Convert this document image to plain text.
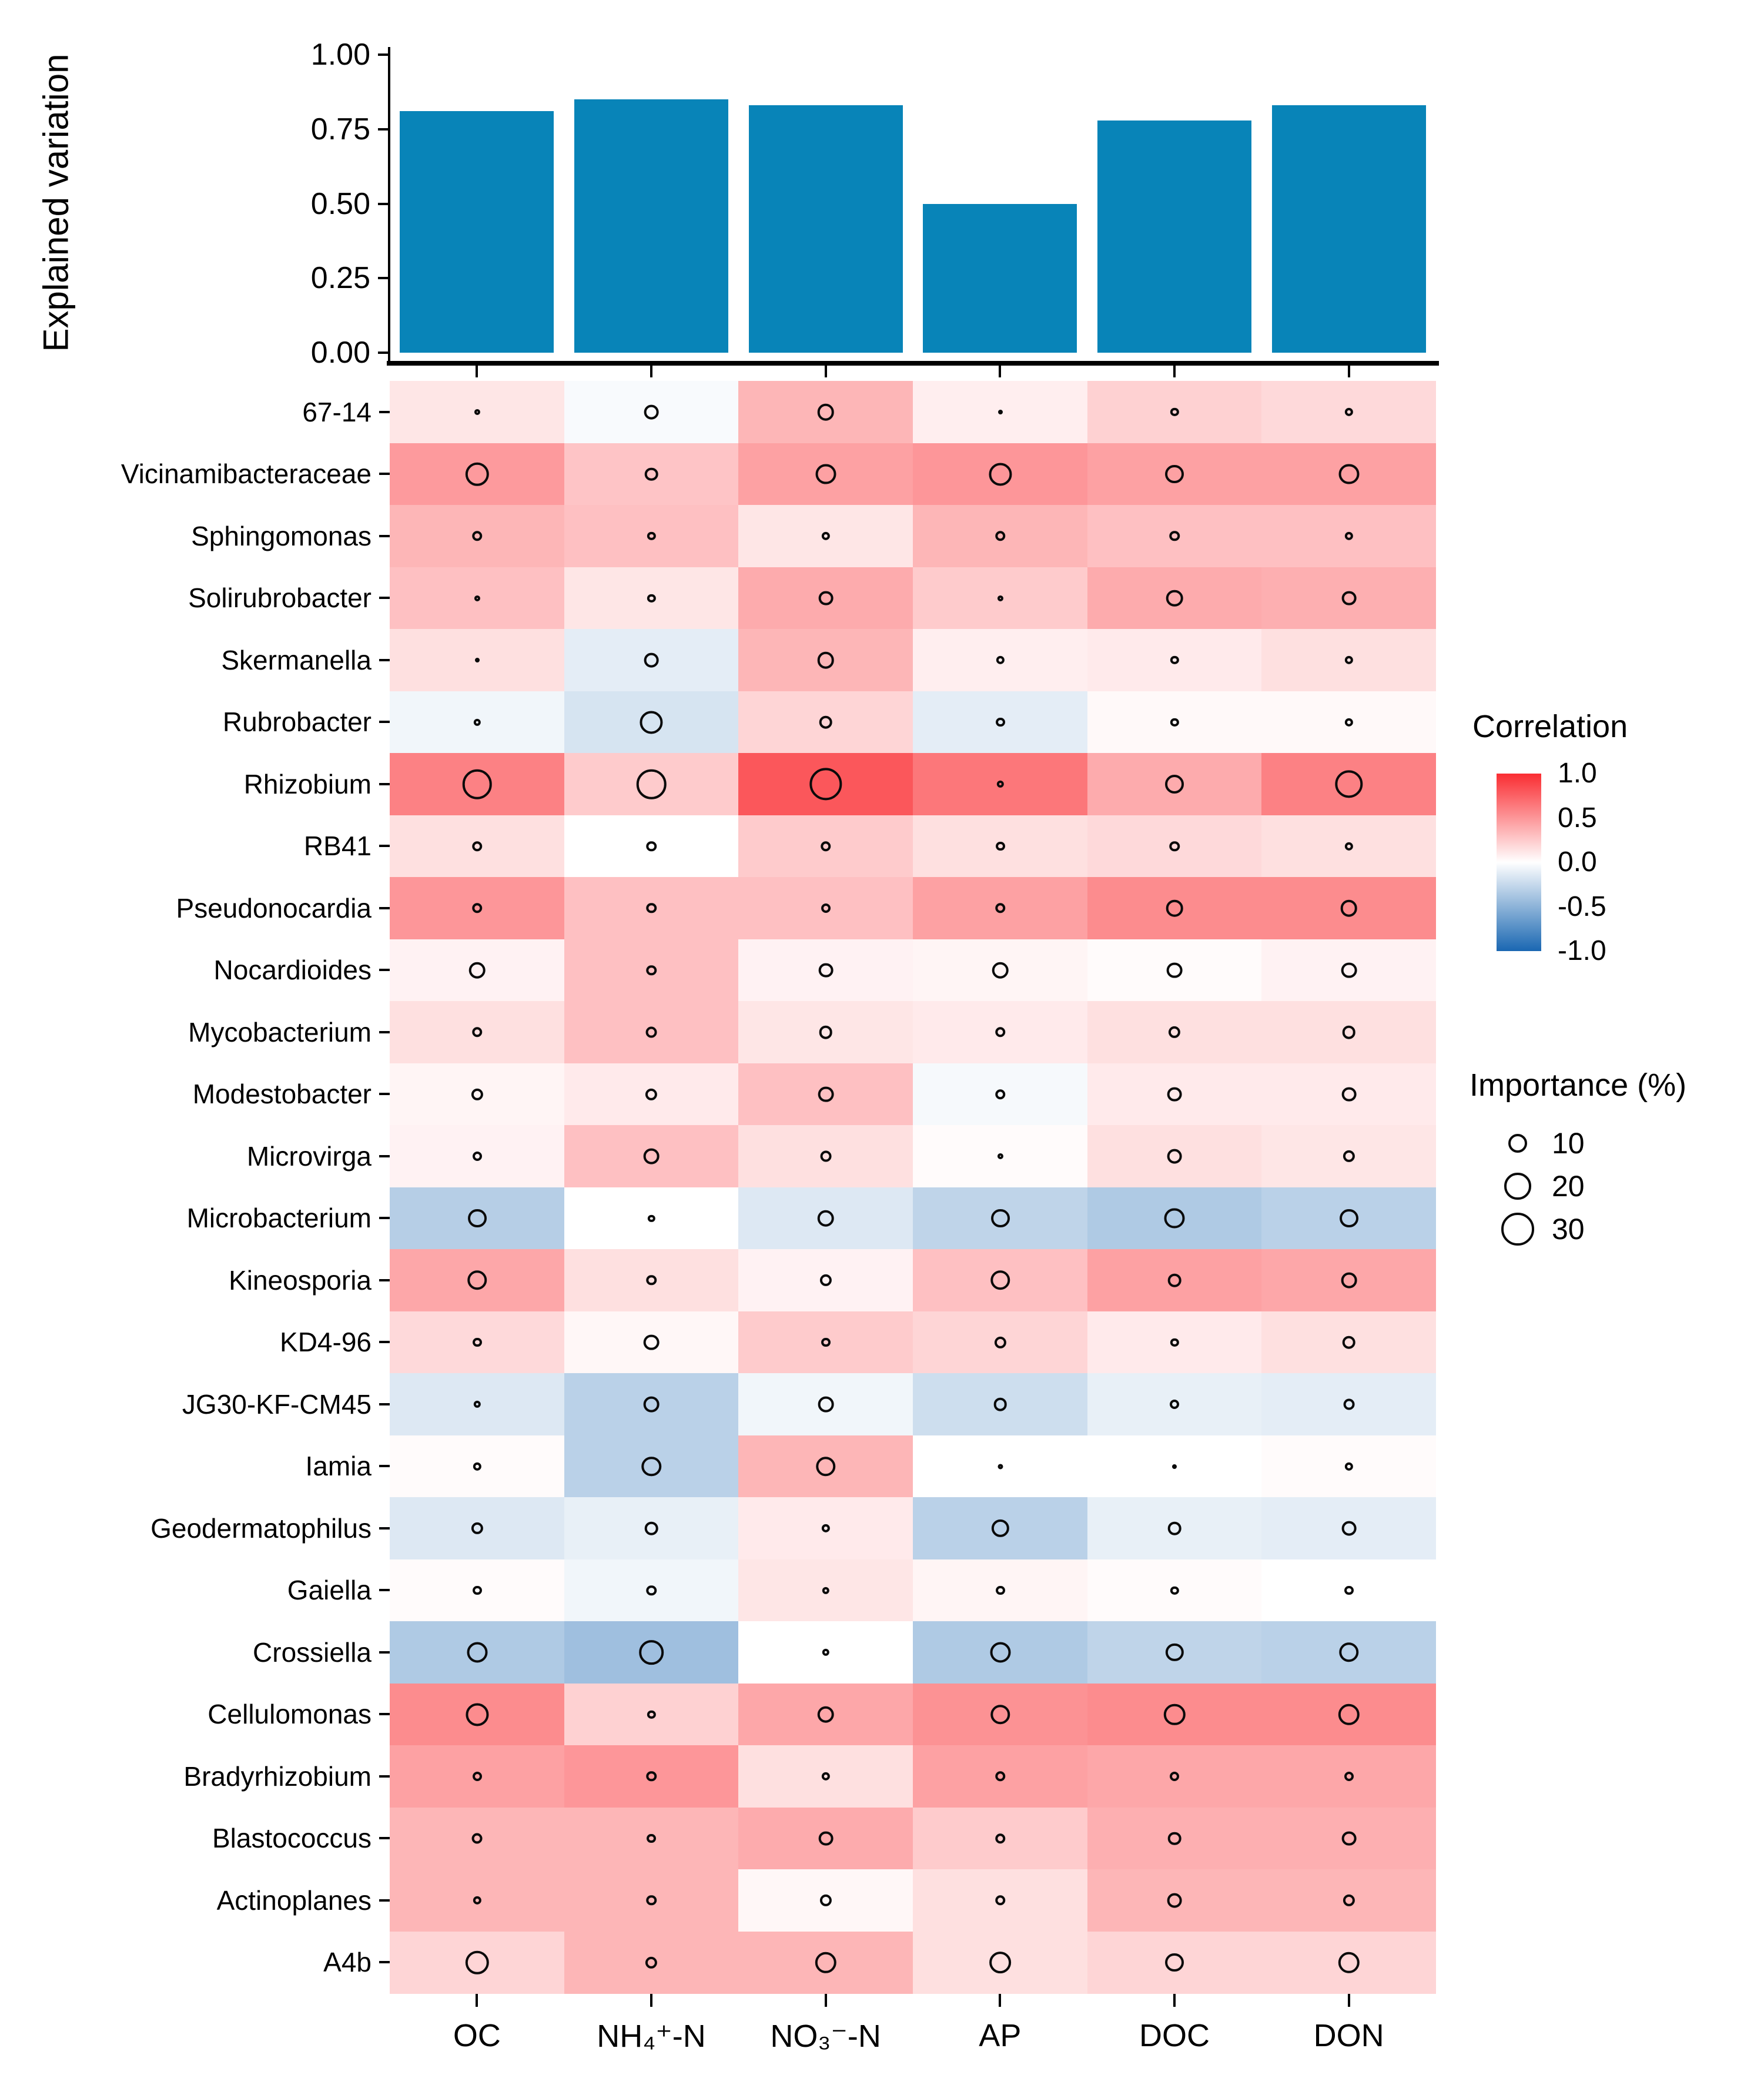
Explained variation	1.00
0.75
0.50
0.25
0.00
67-14
Vicinamibacteraceae
Sphingomonas
Solirubrobacter
Skermanella
Rubrobacter
Rhizobium
RB41
Pseudonocardia
Nocardioides
Mycobacterium
Modestobacter
Microvirga
Microbacterium
Kineosporia
KD4-96
JG30-KF-CM45
Iamia
Geodermatophilus
Gaiella
Crossiella
Cellulomonas
Bradyrhizobium
Blastococcus
Actinoplanes
A4b
OC	NH₄⁺-N	NO₃⁻-N	AP	DOC	DON
Correlation
1.0
0.5
0.0
-0.5
-1.0
Importance (%)
10
20
30
